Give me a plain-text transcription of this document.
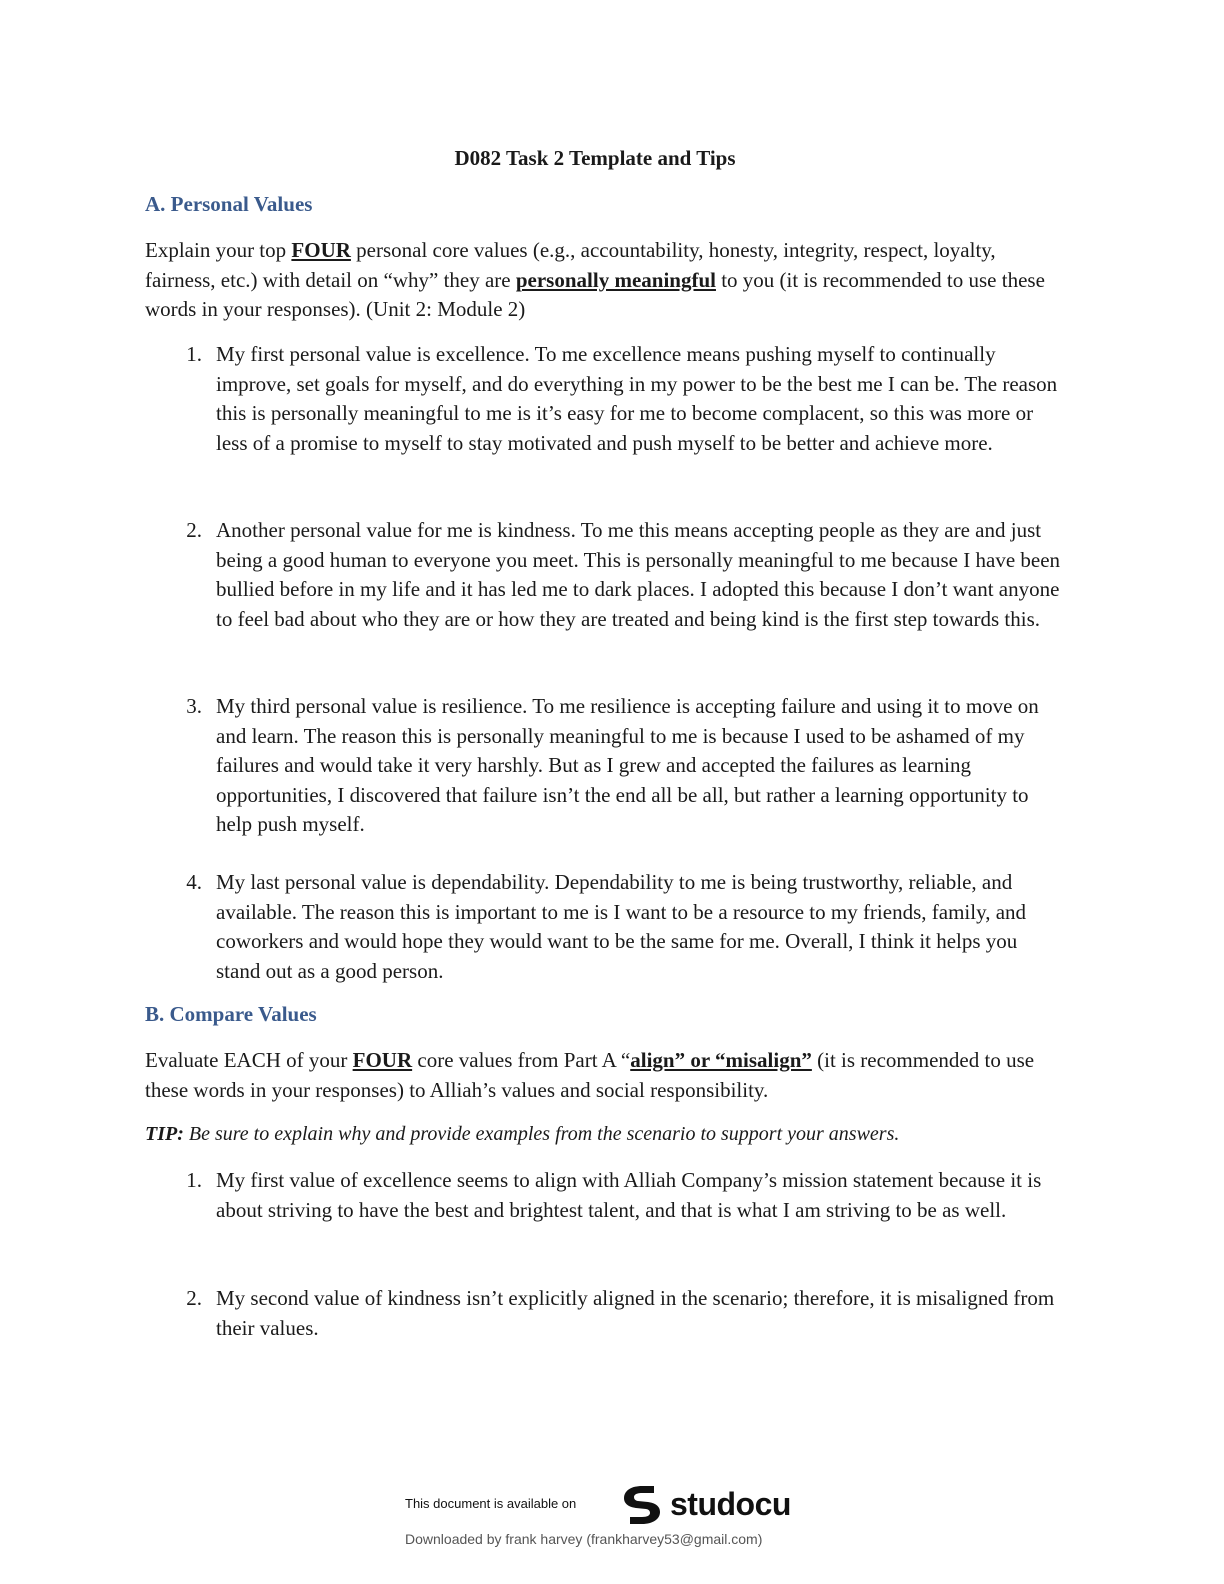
D082 Task 2 Template and Tips
A. Personal Values
Explain your top FOUR personal core values (e.g., accountability, honesty, integrity, respect, loyalty, fairness, etc.) with detail on “why” they are personally meaningful to you (it is recommended to use these words in your responses). (Unit 2: Module 2)
1. My first personal value is excellence. To me excellence means pushing myself to continually improve, set goals for myself, and do everything in my power to be the best me I can be. The reason this is personally meaningful to me is it’s easy for me to become complacent, so this was more or less of a promise to myself to stay motivated and push myself to be better and achieve more.
2. Another personal value for me is kindness. To me this means accepting people as they are and just being a good human to everyone you meet. This is personally meaningful to me because I have been bullied before in my life and it has led me to dark places. I adopted this because I don’t want anyone to feel bad about who they are or how they are treated and being kind is the first step towards this.
3. My third personal value is resilience. To me resilience is accepting failure and using it to move on and learn. The reason this is personally meaningful to me is because I used to be ashamed of my failures and would take it very harshly. But as I grew and accepted the failures as learning opportunities, I discovered that failure isn’t the end all be all, but rather a learning opportunity to help push myself.
4. My last personal value is dependability. Dependability to me is being trustworthy, reliable, and available. The reason this is important to me is I want to be a resource to my friends, family, and coworkers and would hope they would want to be the same for me. Overall, I think it helps you stand out as a good person.
B. Compare Values
Evaluate EACH of your FOUR core values from Part A “align” or “misalign” (it is recommended to use these words in your responses) to Alliah’s values and social responsibility.
TIP: Be sure to explain why and provide examples from the scenario to support your answers.
1. My first value of excellence seems to align with Alliah Company’s mission statement because it is about striving to have the best and brightest talent, and that is what I am striving to be as well.
2. My second value of kindness isn’t explicitly aligned in the scenario; therefore, it is misaligned from their values.
This document is available on	studocu
Downloaded by frank harvey (frankharvey53@gmail.com)
